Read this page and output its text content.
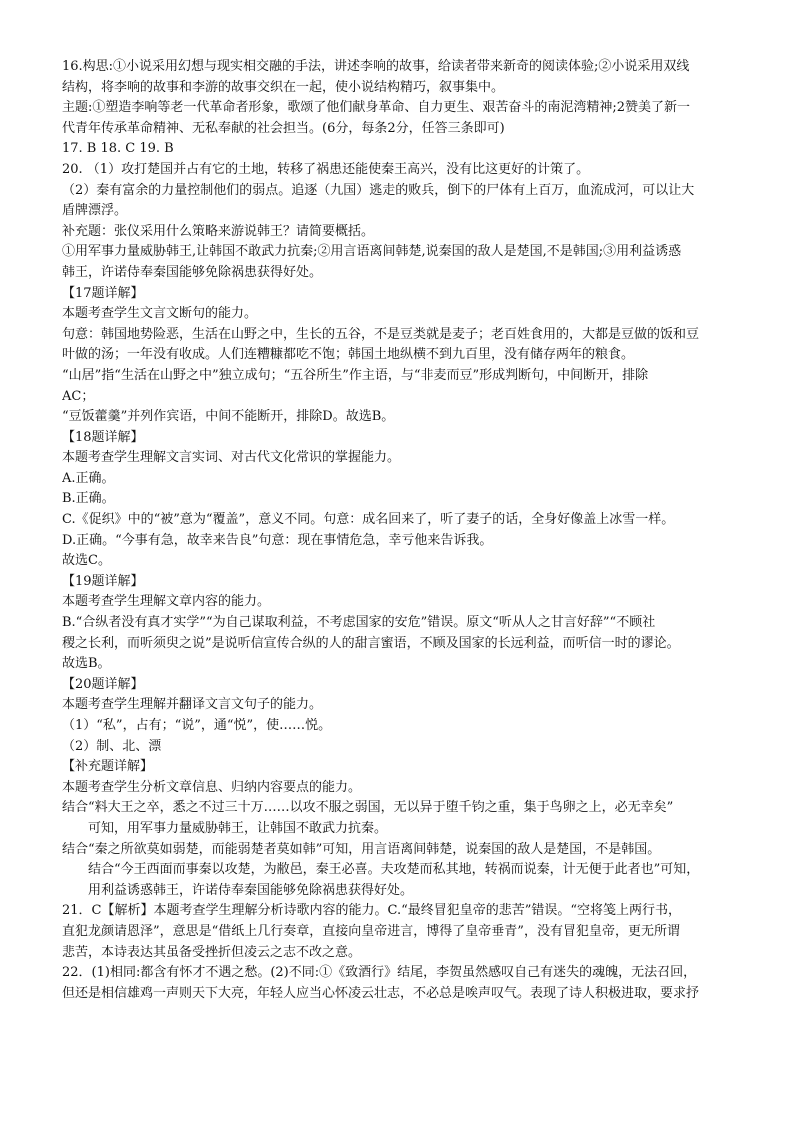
16.构思:①小说采用幻想与现实相交融的手法，讲述李响的故事，给读者带来新奇的阅读体验;②小说采用双线

结构，将李响的故事和李游的故事交织在一起，使小说结构精巧，叙事集中。

主题:①塑造李响等老一代革命者形象，歌颂了他们献身革命、自力更生、艰苦奋斗的南泥湾精神;2赞美了新一

代青年传承革命精神、无私奉献的社会担当。(6分，每条2分，任答三条即可)

17. B 18. C 19. B

20. （1）攻打楚国并占有它的土地，转移了祸患还能使秦王高兴，没有比这更好的计策了。

（2）秦有富余的力量控制他们的弱点。追逐（九国）逃走的败兵，倒下的尸体有上百万，血流成河，可以让大

盾牌漂浮。

补充题：张仪采用什么策略来游说韩王？请简要概括。

①用军事力量威胁韩王,让韩国不敢武力抗秦;②用言语离间韩楚,说秦国的敌人是楚国,不是韩国;③用利益诱惑

韩王，许诺侍奉秦国能够免除祸患获得好处。

【17题详解】

本题考查学生文言文断句的能力。

句意：韩国地势险恶，生活在山野之中，生长的五谷，不是豆类就是麦子；老百姓食用的，大都是豆做的饭和豆

叶做的汤；一年没有收成。人们连糟糠都吃不饱；韩国土地纵横不到九百里，没有储存两年的粮食。

“山居”指“生活在山野之中”独立成句；“五谷所生”作主语，与“非麦而豆”形成判断句，中间断开，排除

AC；

“豆饭藿羹”并列作宾语，中间不能断开，排除D。故选B。

【18题详解】

本题考查学生理解文言实词、对古代文化常识的掌握能力。

A.正确。

B.正确。

C.《促织》中的“被”意为“覆盖”，意义不同。句意：成名回来了，听了妻子的话，全身好像盖上冰雪一样。

D.正确。“今事有急，故幸来告良”句意：现在事情危急，幸亏他来告诉我。

故选C。

【19题详解】

本题考查学生理解文章内容的能力。

B.“合纵者没有真才实学”“为自己谋取利益，不考虑国家的安危”错误。原文“听从人之甘言好辞”“不顾社

稷之长利，而听须臾之说”是说听信宣传合纵的人的甜言蜜语，不顾及国家的长远利益，而听信一时的谬论。

故选B。

【20题详解】

本题考查学生理解并翻译文言文句子的能力。

（1）“私”，占有；“说”，通“悦”，使……悦。

（2）制、北、漂

【补充题详解】

本题考查学生分析文章信息、归纳内容要点的能力。

结合“料大王之卒，悉之不过三十万……以攻不服之弱国，无以异于堕千钧之重，集于鸟卵之上，必无幸矣”

可知，用军事力量威胁韩王，让韩国不敢武力抗秦。

结合“秦之所欲莫如弱楚，而能弱楚者莫如韩”可知，用言语离间韩楚，说秦国的敌人是楚国，不是韩国。

结合“今王西面而事秦以攻楚，为敝邑，秦王必喜。夫攻楚而私其地，转祸而说秦，计无便于此者也”可知，

用利益诱惑韩王，许诺侍奉秦国能够免除祸患获得好处。

21．C【解析】本题考查学生理解分析诗歌内容的能力。C.“最终冒犯皇帝的悲苦”错误。“空将笺上两行书，

直犯龙颜请恩泽”，意思是“借纸上几行奏章，直接向皇帝进言，博得了皇帝垂青”，没有冒犯皇帝，更无所谓

悲苦，本诗表达其虽备受挫折但凌云之志不改之意。

22．(1)相同:都含有怀才不遇之愁。(2)不同:①《致酒行》结尾，李贺虽然感叹自己有迷失的魂魄，无法召回，

但还是相信雄鸡一声则天下大亮，年轻人应当心怀凌云壮志，不必总是唉声叹气。表现了诗人积极进取，要求抒
